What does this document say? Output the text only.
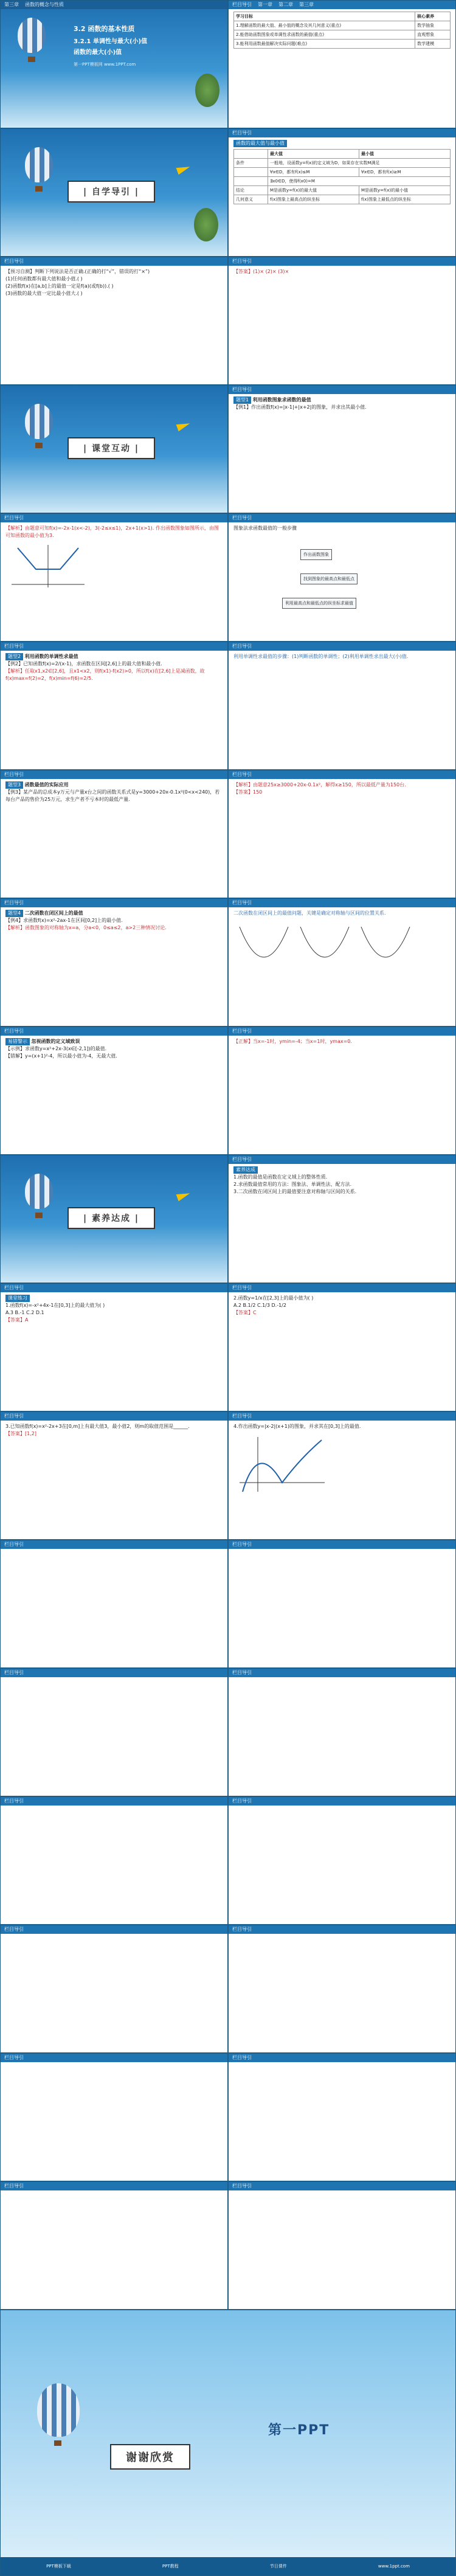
第三章 函数的概念与性质
3.2 函数的基本性质
3.2.1 单调性与最大(小)值
函数的最大(小)值
第一PPT模板网 www.1PPT.com
栏目导引 第一章 第二章 第三章
学习目标	核心素养
1.理解函数的最大值、最小值的概念及其几何意义(重点)	数学抽象
2.能借助函数图象或单调性求函数的最值(重点)	直观想象
3.能利用函数最值解决实际问题(难点)	数学建模
| 自学导引 |
栏目导引
函数的最大值与最小值
	最大值	最小值
条件	一般地，设函数y=f(x)的定义域为D，如果存在实数M满足	
	∀x∈D，都有f(x)≤M	∀x∈D，都有f(x)≥M
	∃x0∈D，使得f(x0)=M	
结论	M是函数y=f(x)的最大值	M是函数y=f(x)的最小值
几何意义	f(x)图象上最高点的纵坐标	f(x)图象上最低点的纵坐标
栏目导引
【预习自测】判断下列说法是否正确.(正确的打“√”，错误的打“×”)
(1)任何函数都有最大值和最小值.( )
(2)函数f(x)在[a,b]上的最值一定是f(a)(或f(b)).( )
(3)函数的最大值一定比最小值大.( )
栏目导引
【答案】(1)× (2)× (3)×
| 课堂互动 |
栏目导引
题型1 利用函数图象求函数的最值
【例1】作出函数f(x)=|x-1|+|x+2|的图象，并求出其最小值.
栏目导引
【解析】由题意可知f(x)=-2x-1(x<-2)，3(-2≤x≤1)，2x+1(x>1). 作出函数图象如图所示，由图可知函数的最小值为3.
栏目导引
图象法求函数最值的一般步骤
作出函数图象
找到图象的最高点和最低点
利用最高点和最低点的纵坐标求最值
栏目导引
题型2 利用函数的单调性求最值
【例2】已知函数f(x)=2/(x-1)，求函数在区间[2,6]上的最大值和最小值.
【解析】任取x1,x2∈[2,6]，且x1<x2，则f(x1)-f(x2)>0，所以f(x)在[2,6]上是减函数，故f(x)max=f(2)=2，f(x)min=f(6)=2/5.
栏目导引
利用单调性求最值的步骤：(1)判断函数的单调性；(2)利用单调性求出最大(小)值.
栏目导引
题型3 函数最值的实际应用
【例3】某产品的总成本y万元与产量x台之间的函数关系式是y=3000+20x-0.1x²(0<x<240)，若每台产品的售价为25万元，求生产者不亏本时的最低产量.
栏目导引
【解析】由题意25x≥3000+20x-0.1x²，解得x≥150，所以最低产量为150台.
【答案】150
栏目导引
题型4 二次函数在闭区间上的最值
【例4】求函数f(x)=x²-2ax-1在区间[0,2]上的最小值.
【解析】函数图象的对称轴为x=a，分a<0，0≤a≤2，a>2三种情况讨论.
栏目导引
二次函数在闭区间上的最值问题，关键是确定对称轴与区间的位置关系.
栏目导引
易错警示 忽视函数的定义域致误
【示例】求函数y=x²+2x-3(x∈[-2,1])的最值.
【错解】y=(x+1)²-4，所以最小值为-4，无最大值.
栏目导引
【正解】当x=-1时，ymin=-4；当x=1时，ymax=0.
| 素养达成 |
栏目导引
素养达成
1.函数的最值是函数在定义域上的整体性质.
2.求函数最值常用的方法：图象法、单调性法、配方法.
3.二次函数在闭区间上的最值要注意对称轴与区间的关系.
栏目导引
课堂练习
1.函数f(x)=-x²+4x-1在[0,3]上的最大值为( )
A.3 B.-1 C.2 D.1
【答案】A
栏目导引
2.函数y=1/x在[2,3]上的最小值为( )
A.2 B.1/2 C.1/3 D.-1/2
【答案】C
栏目导引
3.已知函数f(x)=x²-2x+3在[0,m]上有最大值3，最小值2，则m的取值范围是______.
【答案】[1,2]
栏目导引
4.作出函数y=|x-2|(x+1)的图象，并求其在[0,3]上的最值.
栏目导引	栏目导引
栏目导引	栏目导引
栏目导引	栏目导引
栏目导引	栏目导引
栏目导引	栏目导引
栏目导引	栏目导引
谢谢欣赏
第一PPT
PPT模板下载	PPT教程	节日课件	www.1ppt.com
